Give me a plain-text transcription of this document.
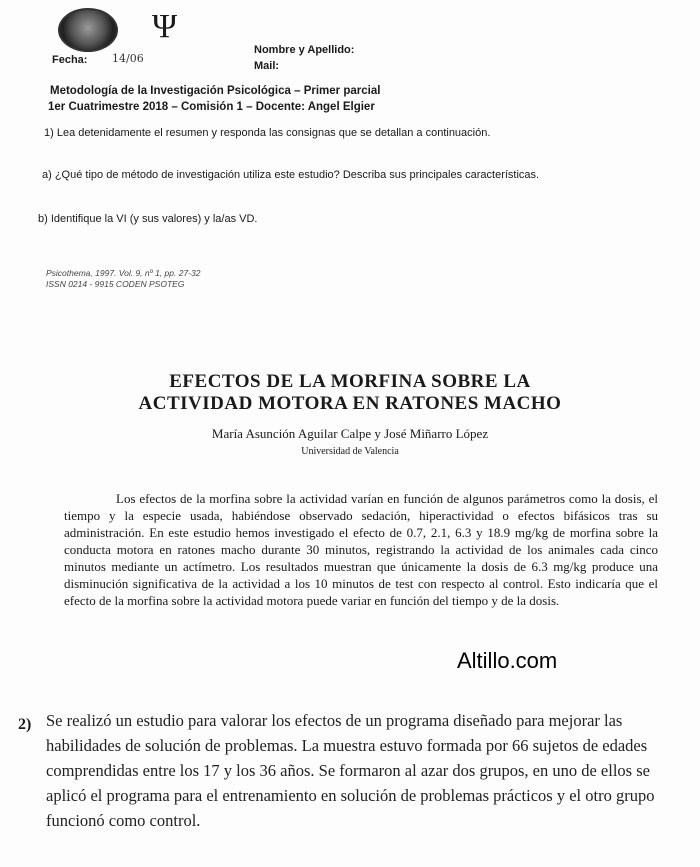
Ψ
Fecha: 14/06
Nombre y Apellido:
Mail:
Metodología de la Investigación Psicológica – Primer parcial
1er Cuatrimestre 2018 – Comisión 1 – Docente: Angel Elgier
1) Lea detenidamente el resumen y responda las consignas que se detallan a continuación.
a) ¿Qué tipo de método de investigación utiliza este estudio? Describa sus principales características.
b) Identifique la VI (y sus valores) y la/as VD.
Psicothema, 1997. Vol. 9, nº 1, pp. 27-32
ISSN 0214 - 9915 CODEN PSOTEG
EFECTOS DE LA MORFINA SOBRE LA
ACTIVIDAD MOTORA EN RATONES MACHO
María Asunción Aguilar Calpe y José Miñarro López
Universidad de Valencia
Los efectos de la morfina sobre la actividad varían en función de algunos parámetros como la dosis, el tiempo y la especie usada, habiéndose observado sedación, hiperactividad o efectos bifásicos tras su administración. En este estudio hemos investigado el efecto de 0.7, 2.1, 6.3 y 18.9 mg/kg de morfina sobre la conducta motora en ratones macho durante 30 minutos, registrando la actividad de los animales cada cinco minutos mediante un actímetro. Los resultados muestran que únicamente la dosis de 6.3 mg/kg produce una disminución significativa de la actividad a los 10 minutos de test con respecto al control. Esto indicaría que el efecto de la morfina sobre la actividad motora puede variar en función del tiempo y de la dosis.
Altillo.com
2) Se realizó un estudio para valorar los efectos de un programa diseñado para mejorar las habilidades de solución de problemas. La muestra estuvo formada por 66 sujetos de edades comprendidas entre los 17 y los 36 años. Se formaron al azar dos grupos, en uno de ellos se aplicó el programa para el entrenamiento en solución de problemas prácticos y el otro grupo funcionó como control.
